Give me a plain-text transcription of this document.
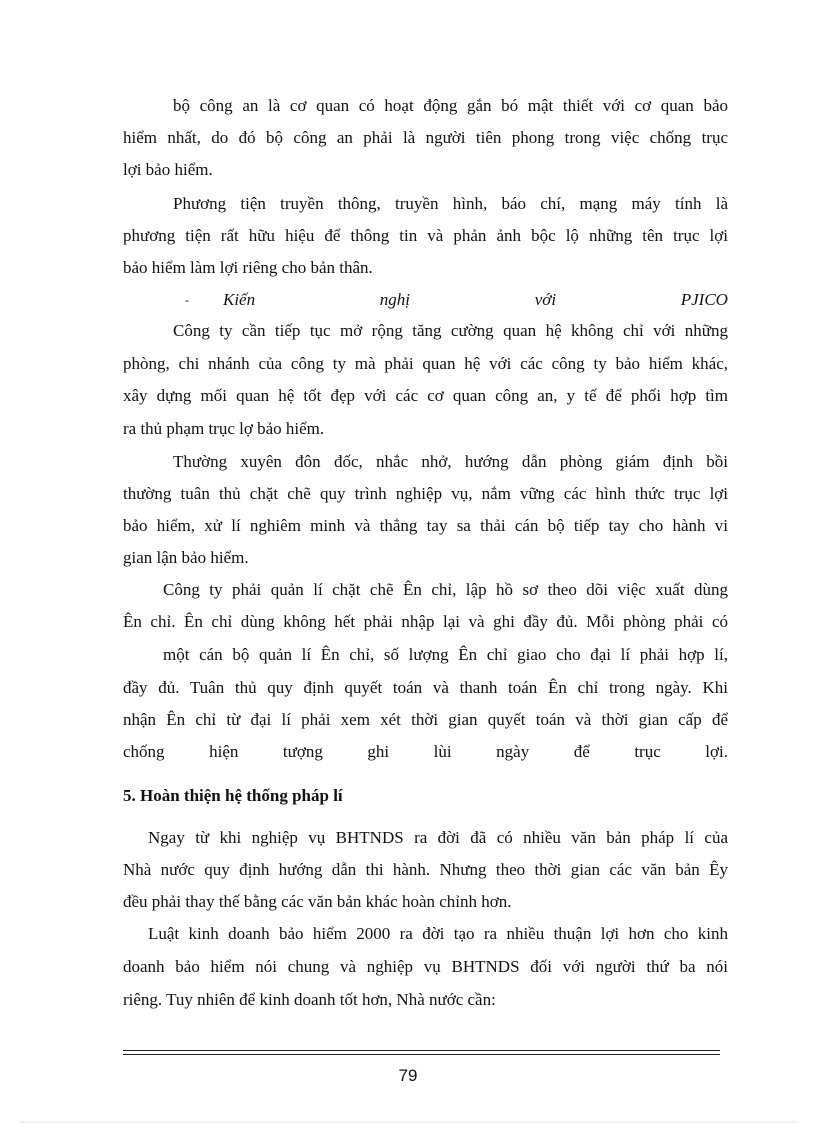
bộ công an là cơ quan có hoạt động gắn bó mật thiết với cơ quan bảo
hiểm nhất, do đó bộ công an phải là người tiên phong trong việc chống trục
lợi bảo hiểm.
Phương tiện truyền thông, truyền hình, báo chí, mạng máy tính là
phương tiện rất hữu hiệu để thông tin và phản ảnh bộc lộ những tên trục lợi
bảo hiểm làm lợi riêng cho bản thân.
- Kiến	nghị	với	PJICO
Công ty cần tiếp tục mở rộng tăng cường quan hệ không chỉ với những
phòng, chi nhánh của công ty mà phải quan hệ với các công ty bảo hiểm khác,
xây dựng mối quan hệ tốt đẹp với các cơ quan công an, y tế để phối hợp tìm
ra thủ phạm trục lợ bảo hiểm.
Thường xuyên đôn đốc, nhắc nhở, hướng dẫn phòng giám định bồi
thường tuân thủ chặt chẽ quy trình nghiệp vụ, nắm vững các hình thức trục lợi
bảo hiểm, xử lí nghiêm minh và thẳng tay sa thải cán bộ tiếp tay cho hành vi
gian lận bảo hiểm.
Công ty phải quản lí chặt chẽ Ên chỉ, lập hồ sơ theo dõi việc xuất dùng
Ên chỉ. Ên chỉ dùng không hết phải nhập lại và ghi đầy đủ. Mỗi phòng phải có
một cán bộ quản lí Ên chỉ, số lượng Ên chỉ giao cho đại lí phải hợp lí,
đầy đủ. Tuân thủ quy định quyết toán và thanh toán Ên chỉ trong ngày. Khi
nhận Ên chỉ từ đại lí phải xem xét thời gian quyết toán và thời gian cấp để
chống hiện tượng ghi lùi ngày để trục lợi.
5. Hoàn thiện hệ thống pháp lí
Ngay từ khi nghiệp vụ BHTNDS ra đời đã có nhiều văn bản pháp lí của
Nhà nước quy định hướng dẫn thi hành. Nhưng theo thời gian các văn bản Êy
đều phải thay thế bằng các văn bản khác hoàn chỉnh hơn.
Luật kinh doanh bảo hiểm 2000 ra đời tạo ra nhiều thuận lợi hơn cho kinh
doanh bảo hiểm nói chung và nghiệp vụ BHTNDS đối với người thứ ba nói
riêng. Tuy nhiên để kinh doanh tốt hơn, Nhà nước cần:
79
